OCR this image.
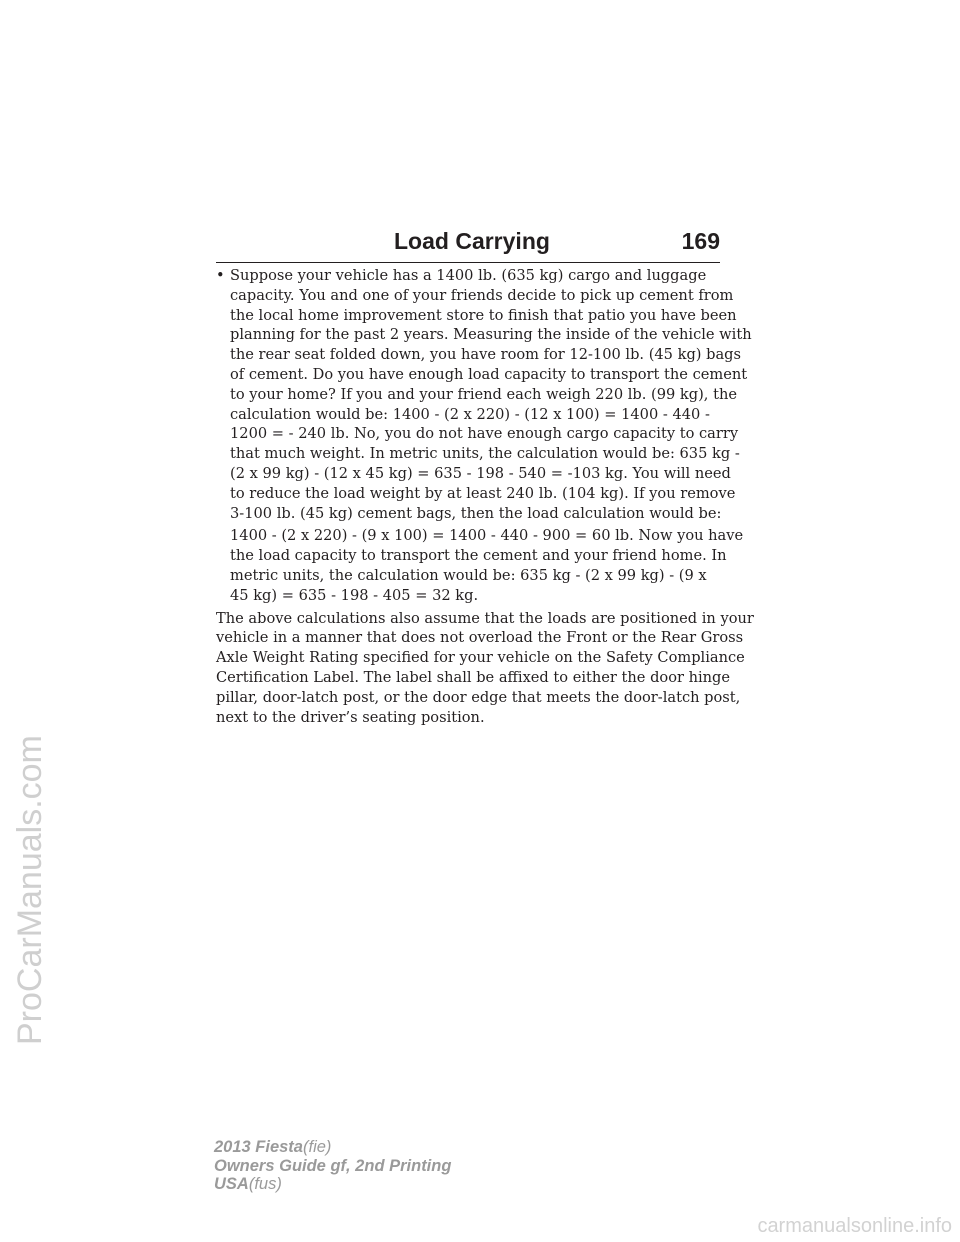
Load Carrying	169
• Suppose your vehicle has a 1400 lb. (635 kg) cargo and luggage
capacity. You and one of your friends decide to pick up cement from
the local home improvement store to finish that patio you have been
planning for the past 2 years. Measuring the inside of the vehicle with
the rear seat folded down, you have room for 12-100 lb. (45 kg) bags
of cement. Do you have enough load capacity to transport the cement
to your home? If you and your friend each weigh 220 lb. (99 kg), the
calculation would be: 1400 - (2 x 220) - (12 x 100) = 1400 - 440 -
1200 = - 240 lb. No, you do not have enough cargo capacity to carry
that much weight. In metric units, the calculation would be: 635 kg -
(2 x 99 kg) - (12 x 45 kg) = 635 - 198 - 540 = -103 kg. You will need
to reduce the load weight by at least 240 lb. (104 kg). If you remove
3-100 lb. (45 kg) cement bags, then the load calculation would be:
1400 - (2 x 220) - (9 x 100) = 1400 - 440 - 900 = 60 lb. Now you have
the load capacity to transport the cement and your friend home. In
metric units, the calculation would be: 635 kg - (2 x 99 kg) - (9 x
45 kg) = 635 - 198 - 405 = 32 kg.
The above calculations also assume that the loads are positioned in your
vehicle in a manner that does not overload the Front or the Rear Gross
Axle Weight Rating specified for your vehicle on the Safety Compliance
Certification Label. The label shall be affixed to either the door hinge
pillar, door-latch post, or the door edge that meets the door-latch post,
next to the driver’s seating position.
ProCarManuals.com
2013 Fiesta(fie)
Owners Guide gf, 2nd Printing
USA(fus)
carmanualsonline.info
